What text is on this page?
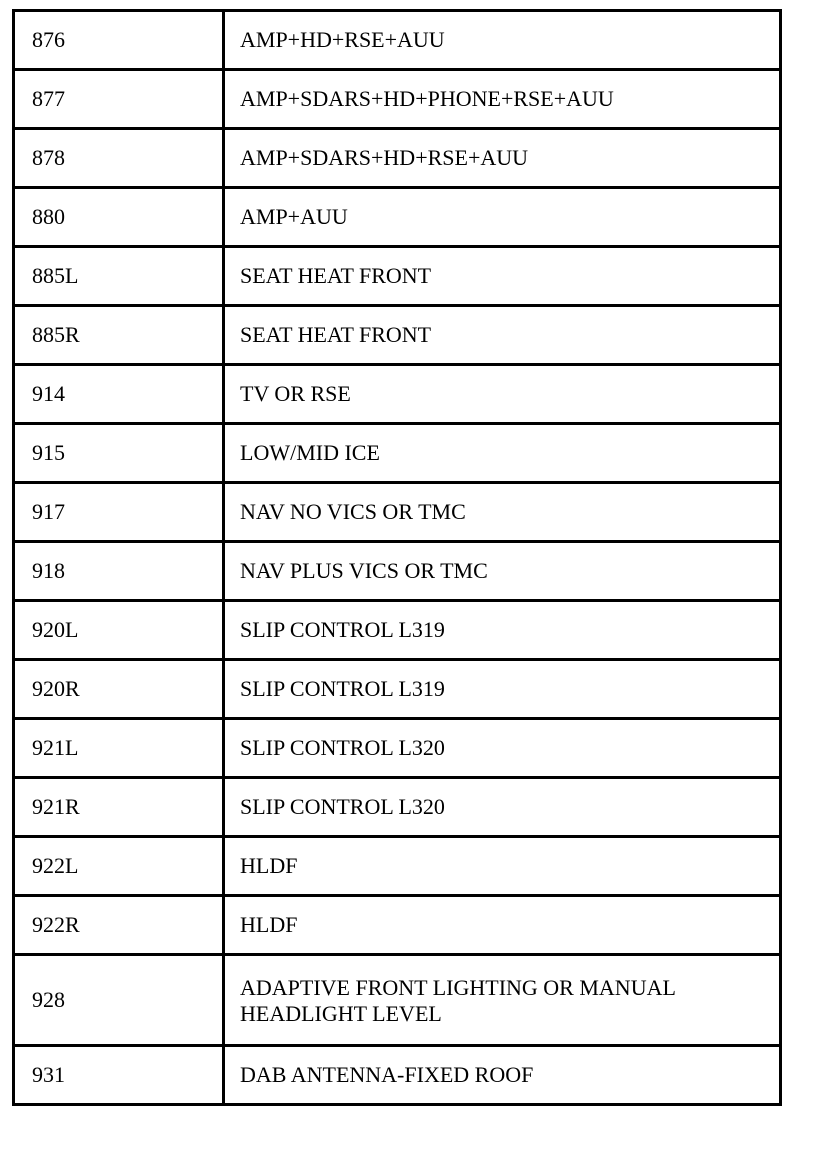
876	AMP+HD+RSE+AUU
877	AMP+SDARS+HD+PHONE+RSE+AUU
878	AMP+SDARS+HD+RSE+AUU
880	AMP+AUU
885L	SEAT HEAT FRONT
885R	SEAT HEAT FRONT
914	TV OR RSE
915	LOW/MID ICE
917	NAV NO VICS OR TMC
918	NAV PLUS VICS OR TMC
920L	SLIP CONTROL L319
920R	SLIP CONTROL L319
921L	SLIP CONTROL L320
921R	SLIP CONTROL L320
922L	HLDF
922R	HLDF
928	ADAPTIVE FRONT LIGHTING OR MANUAL HEADLIGHT LEVEL
931	DAB ANTENNA-FIXED ROOF
